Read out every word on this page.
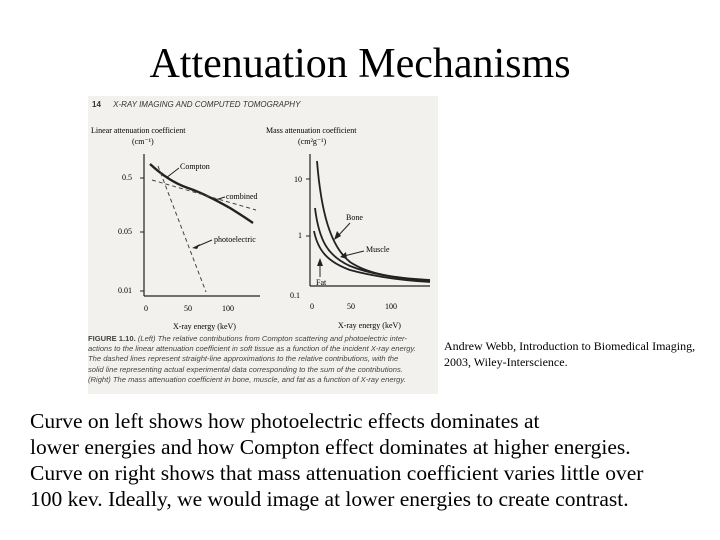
Attenuation Mechanisms
14 X-RAY IMAGING AND COMPUTED TOMOGRAPHY
Linear attenuation coefficient
(cm⁻¹)
0.5
0.05
0.01
0	50	100
X-ray energy (keV)
Compton
combined
photoelectric
Mass attenuation coefficient
(cm²g⁻¹)
10
1
0.1
0	50	100
X-ray energy (keV)
Bone
Muscle
Fat
FIGURE 1.10. (Left) The relative contributions from Compton scattering and photoelectric inter-
actions to the linear attenuation coefficient in soft tissue as a function of the incident X-ray energy.
The dashed lines represent straight-line approximations to the relative contributions, with the
solid line representing actual experimental data corresponding to the sum of the contributions.
(Right) The mass attenuation coefficient in bone, muscle, and fat as a function of X-ray energy.
Andrew Webb, Introduction to Biomedical Imaging, 2003, Wiley-Interscience.
Curve on left shows how photoelectric effects dominates at
lower energies and how Compton effect dominates at higher energies.
Curve on right shows that mass attenuation coefficient varies little over
100 kev. Ideally, we would image at lower energies to create contrast.
